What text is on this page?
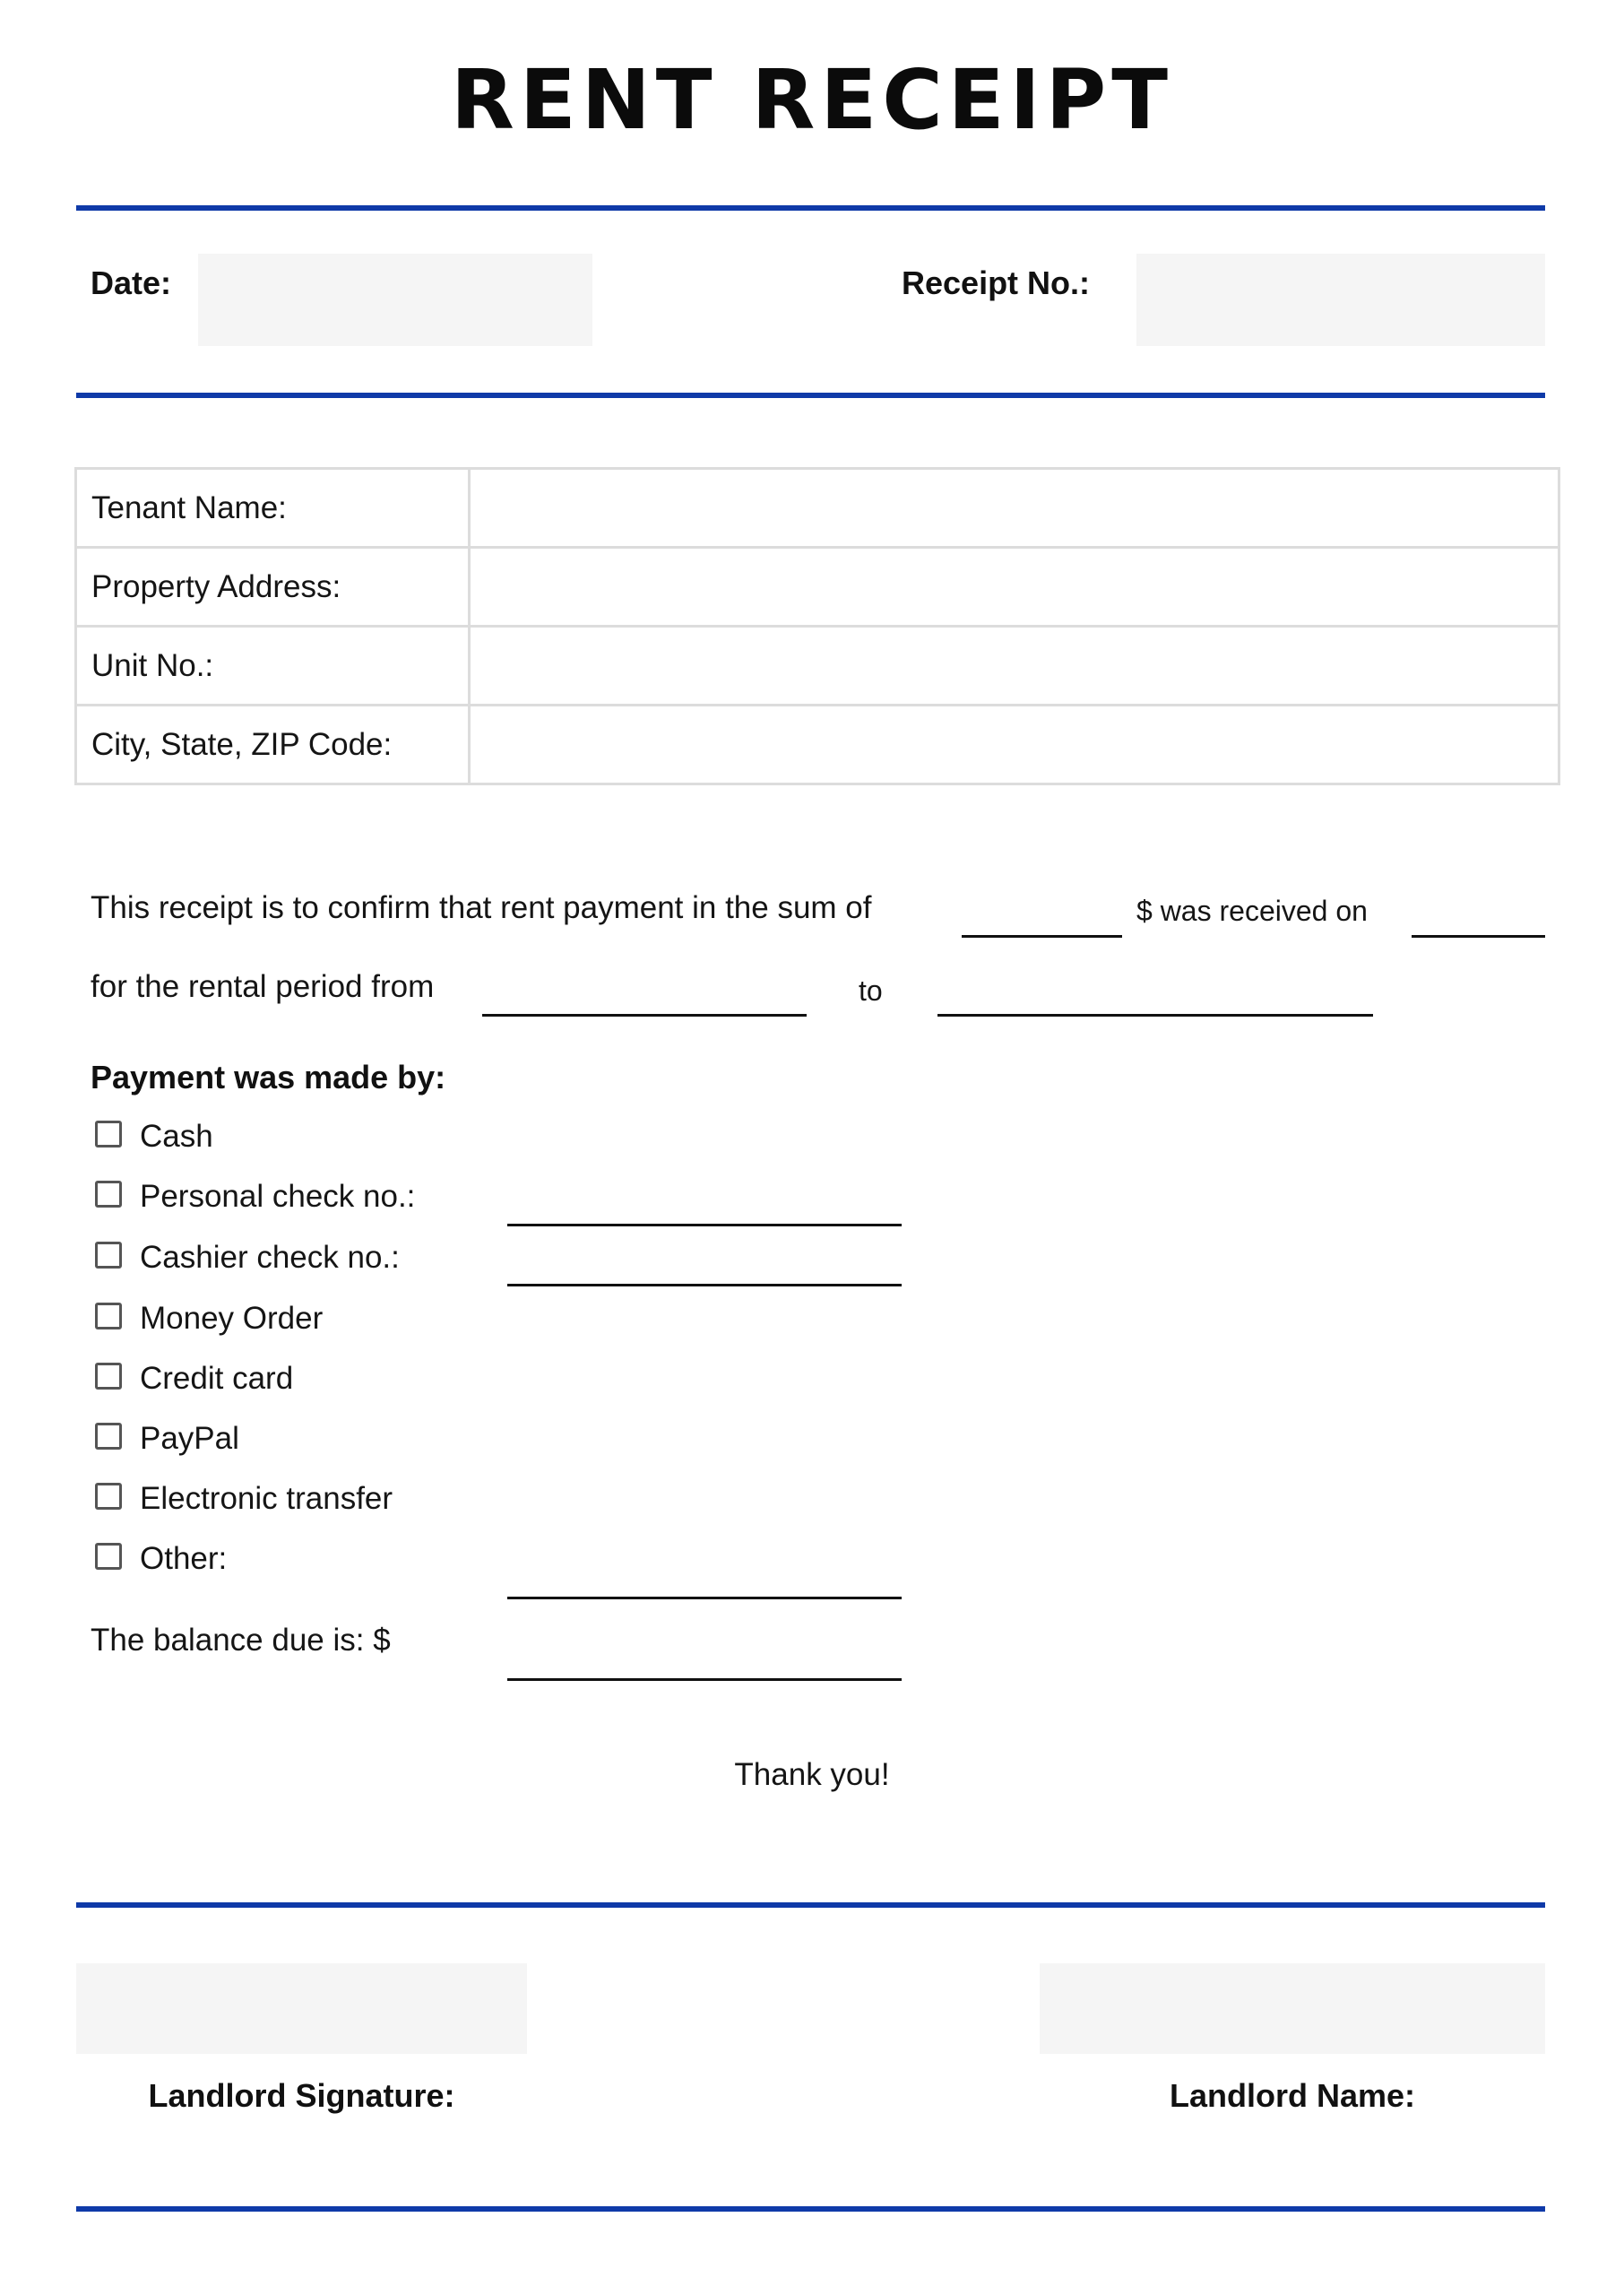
RENT RECEIPT
Date:	Receipt No.:
Tenant Name:	
Property Address:	
Unit No.:	
City, State, ZIP Code:	
This receipt is to confirm that rent payment in the sum of	$ was received on
for the rental period from	to
Payment was made by:
Cash
Personal check no.:
Cashier check no.:
Money Order
Credit card
PayPal
Electronic transfer
Other:
The balance due is: $
Thank you!
Landlord Signature:	Landlord Name:
